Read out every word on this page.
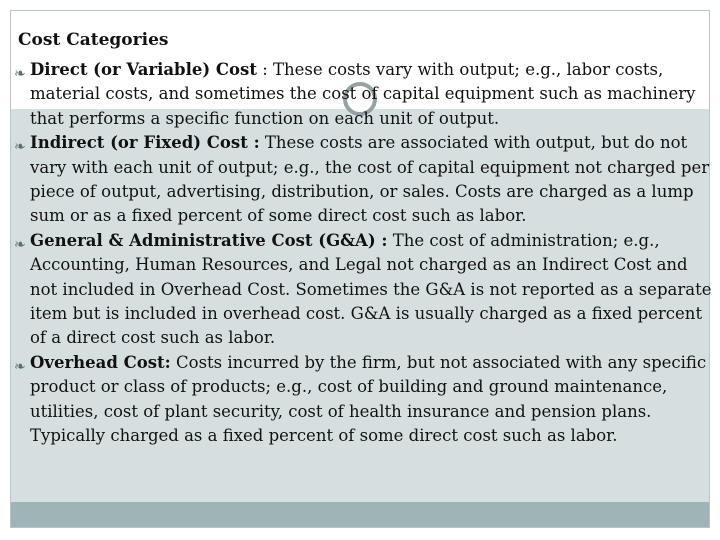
Cost Categories

❧ Direct (or Variable) Cost : These costs vary with output; e.g., labor costs, material costs, and sometimes the cost of capital equipment such as machinery that performs a specific function on each unit of output.

❧ Indirect (or Fixed) Cost : These costs are associated with output, but do not vary with each unit of output; e.g., the cost of capital equipment not charged per piece of output, advertising, distribution, or sales. Costs are charged as a lump sum or as a fixed percent of some direct cost such as labor.

❧ General & Administrative Cost (G&A) : The cost of administration; e.g., Accounting, Human Resources, and Legal not charged as an Indirect Cost and not included in Overhead Cost. Sometimes the G&A is not reported as a separate item but is included in overhead cost. G&A is usually charged as a fixed percent of a direct cost such as labor.

❧ Overhead Cost: Costs incurred by the firm, but not associated with any specific product or class of products; e.g., cost of building and ground maintenance, utilities, cost of plant security, cost of health insurance and pension plans. Typically charged as a fixed percent of some direct cost such as labor.
